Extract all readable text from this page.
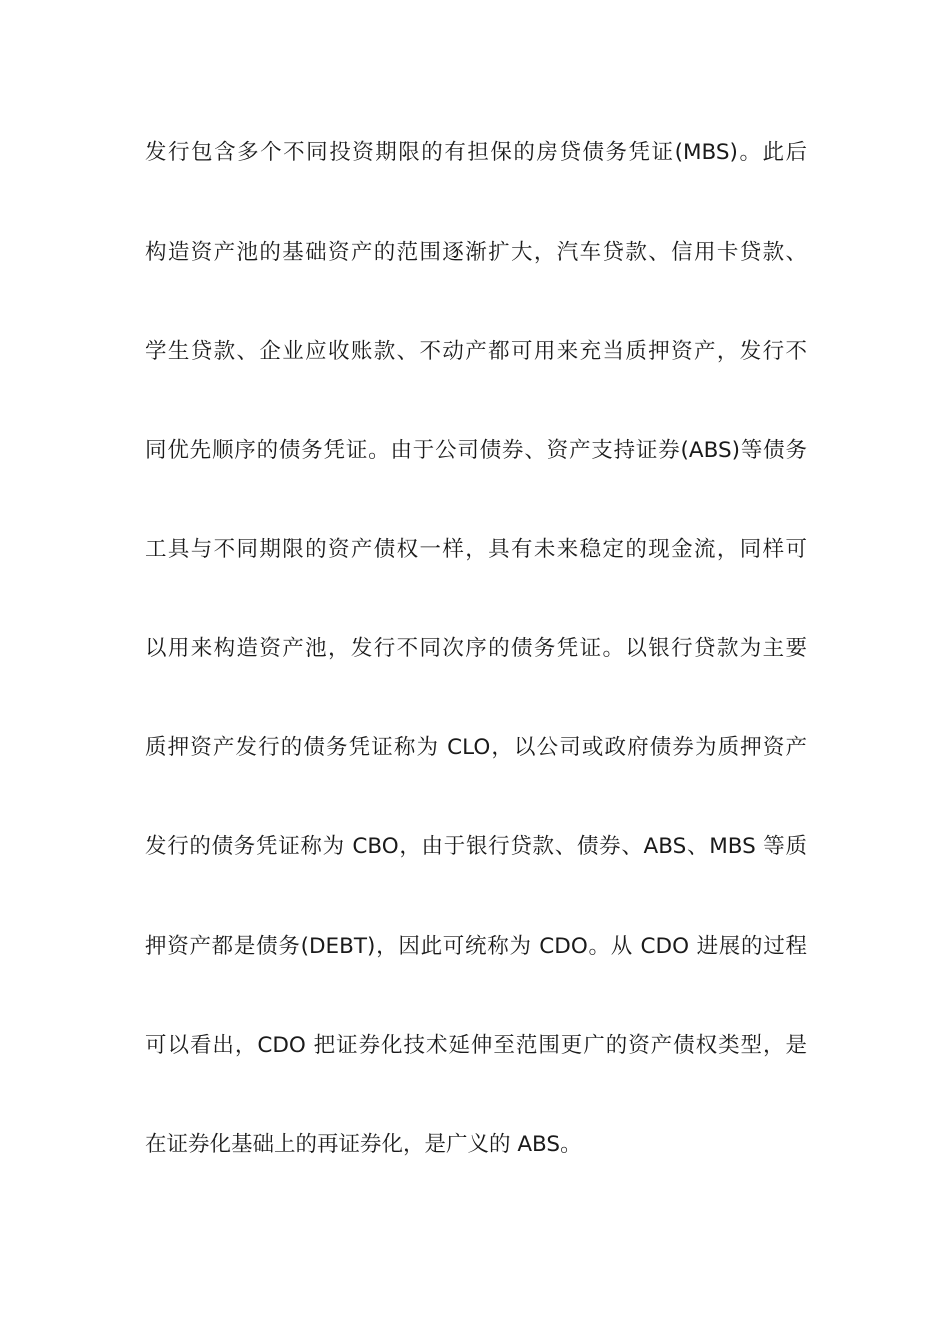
发行包含多个不同投资期限的有担保的房贷债务凭证(MBS)。此后
构造资产池的基础资产的范围逐渐扩大，汽车贷款、信用卡贷款、
学生贷款、企业应收账款、不动产都可用来充当质押资产，发行不
同优先顺序的债务凭证。由于公司债券、资产支持证券(ABS)等债务
工具与不同期限的资产债权一样，具有未来稳定的现金流，同样可
以用来构造资产池，发行不同次序的债务凭证。以银行贷款为主要
质押资产发行的债务凭证称为 CLO，以公司或政府债券为质押资产
发行的债务凭证称为 CBO，由于银行贷款、债券、ABS、MBS 等质
押资产都是债务(DEBT)，因此可统称为 CDO。从 CDO 进展的过程
可以看出，CDO 把证券化技术延伸至范围更广的资产债权类型，是
在证券化基础上的再证券化，是广义的 ABS。
